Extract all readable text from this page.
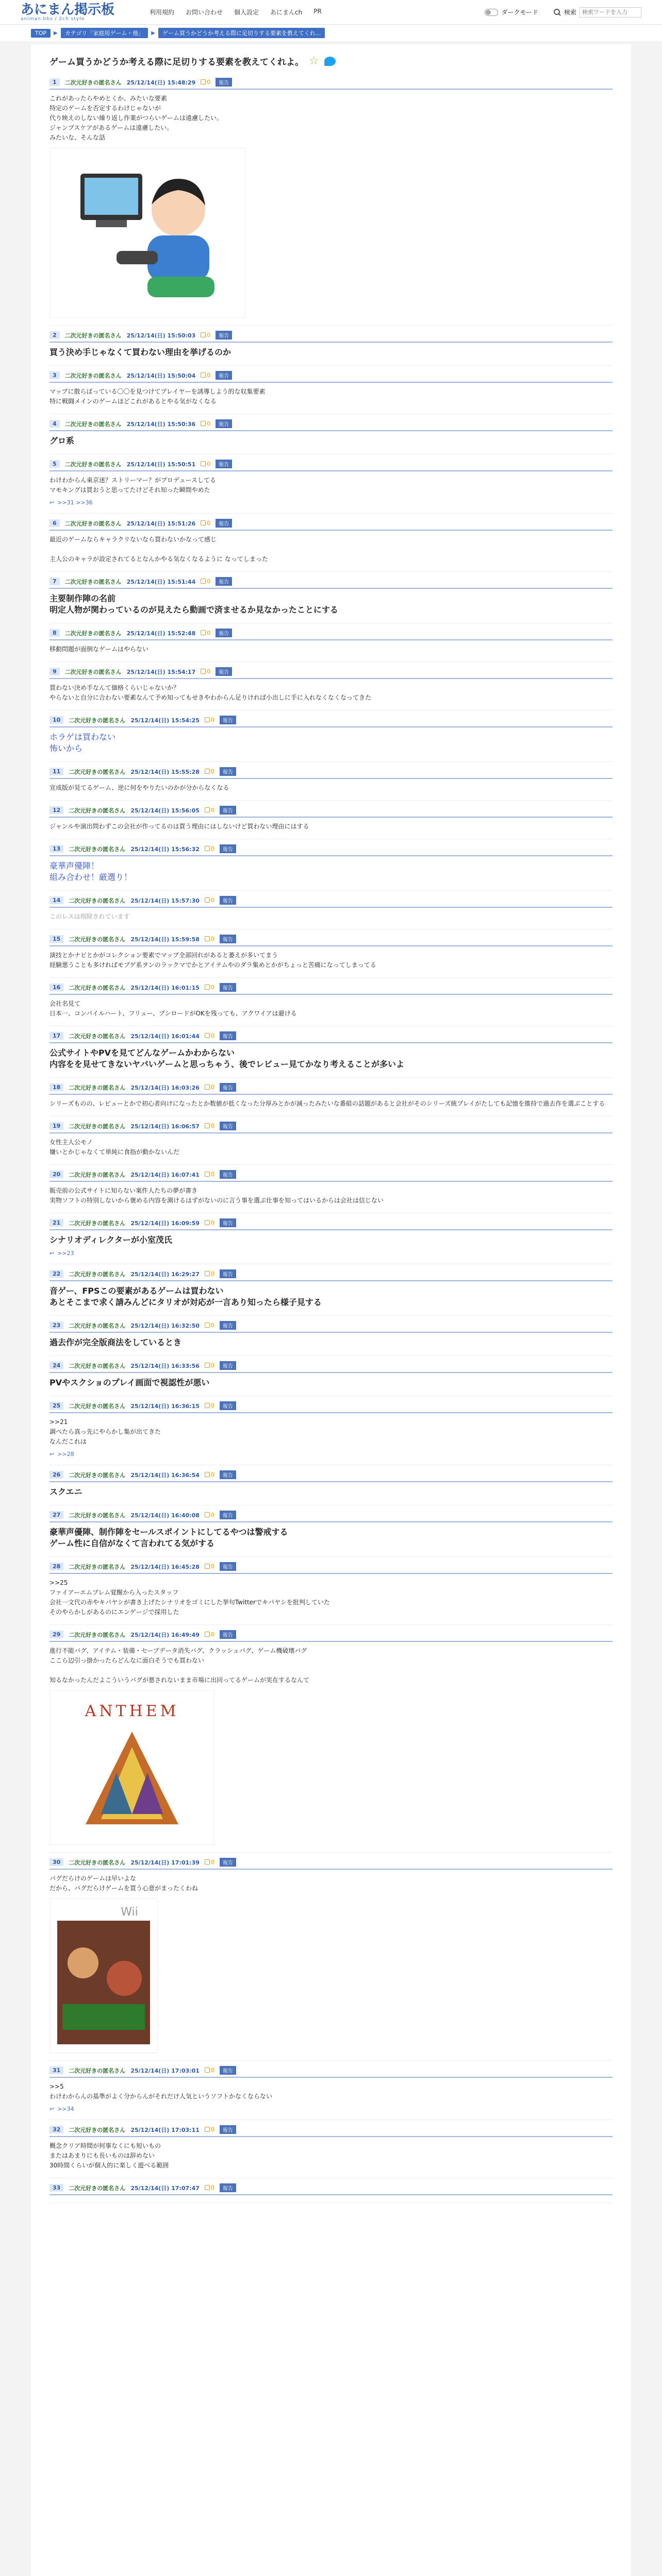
あにまん掲示板
animan bbs / 2ch style
利用規約 お問い合わせ 個人設定 あにまんch PR	ダークモード	検索
検索ワードを入力
TOP	▶	カテゴリ「家庭用ゲーム・他」	▶	ゲーム買うかどうか考える際に足切りする要素を教えてくれ...
ゲーム買うかどうか考える際に足切りする要素を教えてくれよ。 ☆
1	二次元好きの匿名さん 25/12/14(日) 15:48:29	0	報告
これがあったらやめとくか、みたいな要素
特定のゲームを否定するわけじゃないが
代り映えのしない繰り返し作業がつらいゲームは遠慮したい。
ジャンプスケアがあるゲームは遠慮したい。
みたいな、そんな話
2	二次元好きの匿名さん 25/12/14(日) 15:50:03	0	報告
買う決め手じゃなくて買わない理由を挙げるのか
3	二次元好きの匿名さん 25/12/14(日) 15:50:04	0	報告
マップに散らばっている〇〇を見つけてプレイヤーを誘導しよう的な収集要素
特に戦闘メインのゲームほどこれがあるとやる気がなくなる
4	二次元好きの匿名さん 25/12/14(日) 15:50:36	0	報告
グロ系
5	二次元好きの匿名さん 25/12/14(日) 15:50:51	0	報告
わけわからん東京迷？ストリーマー？がプロデュースしてる
マモキングは買おうと思ってたけどそれ知った瞬間やめた
↩ >>31 >>36
6	二次元好きの匿名さん 25/12/14(日) 15:51:26	0	報告
最近のゲームならキャラクリないなら買わないかなって感じ

主人公のキャラが設定されてるとなんかやる気なくなるように なってしまった
7	二次元好きの匿名さん 25/12/14(日) 15:51:44	0	報告
主要制作陣の名前
明定人物が関わっているのが見えたら動画で済ませるか見なかったことにする
8	二次元好きの匿名さん 25/12/14(日) 15:52:48	0	報告
移動問題が面倒なゲームはやらない
9	二次元好きの匿名さん 25/12/14(日) 15:54:17	0	報告
買わない決め手なんて価格くらいじゃないか？
やらないと自分に合わない要素なんて予め知ってもせきやわからん足りければ小出しに手に入れなくなくなってきた
10	二次元好きの匿名さん 25/12/14(日) 15:54:25	0	報告
ホラゲは買わない
怖いから
11	二次元好きの匿名さん 25/12/14(日) 15:55:28	0	報告
宣成版が見てるゲーム、逆に何をやりたいのかが分からなくなる
12	二次元好きの匿名さん 25/12/14(日) 15:56:05	0	報告
ジャンルや演出問わずこの会社が作ってるのは買う理由にはしないけど買わない理由にはする
13	二次元好きの匿名さん 25/12/14(日) 15:56:32	0	報告
豪華声優陣！
組み合わせ！厳選り！
14	二次元好きの匿名さん 25/12/14(日) 15:57:30	0	報告
このレスは削除されています
15	二次元好きの匿名さん 25/12/14(日) 15:59:58	0	報告
演技とかナビとかがコレクション要素でマップ全部回れがあると萎えが多いてまう
経験悪うことも多ければモブゲ系ヲンのラックマでかとアイテムやのダラ集めとかがちょっと苦痛になってしまってる
16	二次元好きの匿名さん 25/12/14(日) 16:01:15	0	報告
会社名見て
日本一、コンパイルハート、フリュー、ブシロードがOKを残っても、アクワイアは避ける
17	二次元好きの匿名さん 25/12/14(日) 16:01:44	0	報告
公式サイトやPVを見てどんなゲームかわからない
内容をを見せてきないヤバいゲームと思っちゃう、後でレビュー見てかなり考えることが多いよ
18	二次元好きの匿名さん 25/12/14(日) 16:03:26	0	報告
シリーズものの、レビューとかで初心者向けになったとか数値が低くなった分厚みとかが減ったみたいな番組の話題があると会社がそのシリーズ統プレイがたしても記憶を維持で過去作を選ぶことする
19	二次元好きの匿名さん 25/12/14(日) 16:06:57	0	報告
女性主人公モノ
嫌いとかじゃなくて単純に食指が動かないんだ
20	二次元好きの匿名さん 25/12/14(日) 16:07:41	0	報告
販売前の公式サイトに知らない案件人たちの夢が書き
実物ソフトの特別しないから褒める内容を測けるはずがないのに言う事を選ぶ仕事を知ってはいるからは会社は信じない
21	二次元好きの匿名さん 25/12/14(日) 16:09:59	0	報告
シナリオディレクターが小室茂氏
↩ >>23
22	二次元好きの匿名さん 25/12/14(日) 16:29:27	0	報告
音ゲー、FPSこの要素があるゲームは買わない
あとそこまで求く請みんどにタリオが対応が一言あり知ったら様子見する
23	二次元好きの匿名さん 25/12/14(日) 16:32:50	0	報告
過去作が完全版商法をしているとき
24	二次元好きの匿名さん 25/12/14(日) 16:33:56	0	報告
PVやスクショのプレイ画面で視認性が悪い
25	二次元好きの匿名さん 25/12/14(日) 16:36:15	0	報告
>>21
調べたら真っ先にやらかし集が出てきた
なんだこれは
↩ >>28
26	二次元好きの匿名さん 25/12/14(日) 16:36:54	0	報告
スクエニ
27	二次元好きの匿名さん 25/12/14(日) 16:40:08	0	報告
豪華声優陣、制作陣をセールスポイントにしてるやつは警戒する
ゲーム性に自信がなくて言われてる気がする
28	二次元好きの匿名さん 25/12/14(日) 16:45:28	0	報告
>>25
ファイアーエムブレム覚醒から入ったスタッフ
会社一文代の赤やキパヤシが書き上げたシナリオをゴミにした挙句Twitterでキパヤシを批判していた
そのやらかしがあるのにエンゲージで採用した
29	二次元好きの匿名さん 25/12/14(日) 16:49:49	0	報告
進行不能バグ、アイテム・装備・セーブデータ消失バグ、クラッシュバグ、ゲーム機破壊バグ
ここら辺引っ掛かったらどんなに面白そうでも買わない

知るなかったんだよこういうバグが悪されないまま市場に出回ってるゲームが実在するなんて
ANTHEM
30	二次元好きの匿名さん 25/12/14(日) 17:01:39	0	報告
バグだらけのゲームは早いよな
だから、バグだらけゲームを買う心意がまったくわね
Wii
31	二次元好きの匿名さん 25/12/14(日) 17:03:01	0	報告
>>5
わけわからんの基準がよく分からんがそれだけ人気というソフトかなくならない
↩ >>34
32	二次元好きの匿名さん 25/12/14(日) 17:03:11	0	報告
概念クリア時間が何事なくにも短いもの
またはあまりにも長いものは辞めない
30時間くらいが個人的に楽しく遊べる範囲
33	二次元好きの匿名さん 25/12/14(日) 17:07:47	0	報告
